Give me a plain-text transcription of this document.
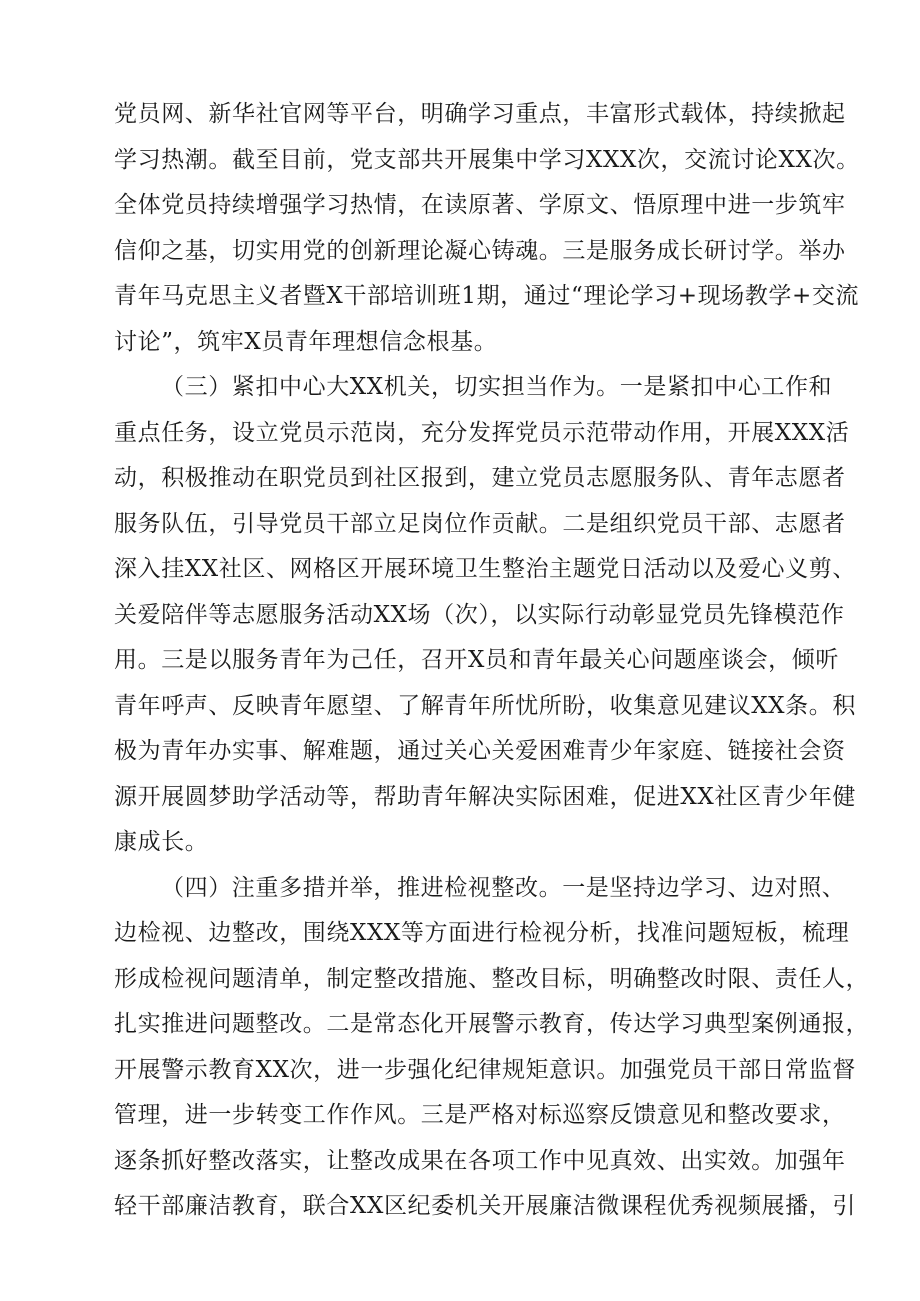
党员网、新华社官网等平台，明确学习重点，丰富形式载体，持续掀起
学习热潮。截至目前，党支部共开展集中学习XXX次，交流讨论XX次。
全体党员持续增强学习热情，在读原著、学原文、悟原理中进一步筑牢
信仰之基，切实用党的创新理论凝心铸魂。三是服务成长研讨学。举办
青年马克思主义者暨X干部培训班1期，通过“理论学习+现场教学+交流
讨论”，筑牢X员青年理想信念根基。
（三）紧扣中心大XX机关，切实担当作为。一是紧扣中心工作和
重点任务，设立党员示范岗，充分发挥党员示范带动作用，开展XXX活
动，积极推动在职党员到社区报到，建立党员志愿服务队、青年志愿者
服务队伍，引导党员干部立足岗位作贡献。二是组织党员干部、志愿者
深入挂XX社区、网格区开展环境卫生整治主题党日活动以及爱心义剪、
关爱陪伴等志愿服务活动XX场（次），以实际行动彰显党员先锋模范作
用。三是以服务青年为己任，召开X员和青年最关心问题座谈会，倾听
青年呼声、反映青年愿望、了解青年所忧所盼，收集意见建议XX条。积
极为青年办实事、解难题，通过关心关爱困难青少年家庭、链接社会资
源开展圆梦助学活动等，帮助青年解决实际困难，促进XX社区青少年健
康成长。
（四）注重多措并举，推进检视整改。一是坚持边学习、边对照、
边检视、边整改，围绕XXX等方面进行检视分析，找准问题短板，梳理
形成检视问题清单，制定整改措施、整改目标，明确整改时限、责任人，
扎实推进问题整改。二是常态化开展警示教育，传达学习典型案例通报，
开展警示教育XX次，进一步强化纪律规矩意识。加强党员干部日常监督
管理，进一步转变工作作风。三是严格对标巡察反馈意见和整改要求，
逐条抓好整改落实，让整改成果在各项工作中见真效、出实效。加强年
轻干部廉洁教育，联合XX区纪委机关开展廉洁微课程优秀视频展播，引
